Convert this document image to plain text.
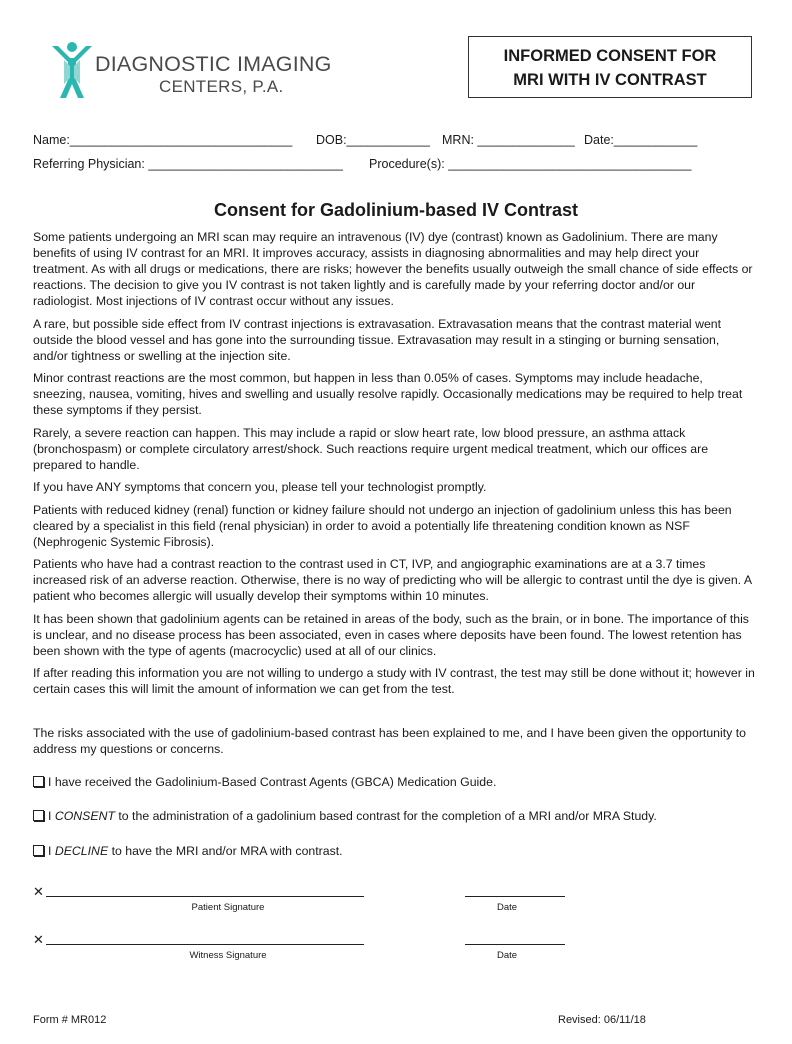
DIAGNOSTIC IMAGING
CENTERS, P.A.
INFORMED CONSENT FOR
MRI WITH IV CONTRAST
Name:________________________________ DOB:____________ MRN: ______________ Date:____________
Referring Physician: ____________________________ Procedure(s): ___________________________________
Consent for Gadolinium-based IV Contrast

Some patients undergoing an MRI scan may require an intravenous (IV) dye (contrast) known as Gadolinium. There are many benefits of using IV contrast for an MRI. It improves accuracy, assists in diagnosing abnormalities and may help direct your treatment. As with all drugs or medications, there are risks; however the benefits usually outweigh the small chance of side effects or reactions. The decision to give you IV contrast is not taken lightly and is carefully made by your referring doctor and/or our radiologist. Most injections of IV contrast occur without any issues.

A rare, but possible side effect from IV contrast injections is extravasation. Extravasation means that the contrast material went outside the blood vessel and has gone into the surrounding tissue. Extravasation may result in a stinging or burning sensation, and/or tightness or swelling at the injection site.

Minor contrast reactions are the most common, but happen in less than 0.05% of cases. Symptoms may include headache, sneezing, nausea, vomiting, hives and swelling and usually resolve rapidly. Occasionally medications may be required to help treat these symptoms if they persist.

Rarely, a severe reaction can happen. This may include a rapid or slow heart rate, low blood pressure, an asthma attack (bronchospasm) or complete circulatory arrest/shock. Such reactions require urgent medical treatment, which our offices are prepared to handle.

If you have ANY symptoms that concern you, please tell your technologist promptly.

Patients with reduced kidney (renal) function or kidney failure should not undergo an injection of gadolinium unless this has been cleared by a specialist in this field (renal physician) in order to avoid a potentially life threatening condition known as NSF (Nephrogenic Systemic Fibrosis).

Patients who have had a contrast reaction to the contrast used in CT, IVP, and angiographic examinations are at a 3.7 times increased risk of an adverse reaction. Otherwise, there is no way of predicting who will be allergic to contrast until the dye is given. A patient who becomes allergic will usually develop their symptoms within 10 minutes.

It has been shown that gadolinium agents can be retained in areas of the body, such as the brain, or in bone. The importance of this is unclear, and no disease process has been associated, even in cases where deposits have been found. The lowest retention has been shown with the type of agents (macrocyclic) used at all of our clinics.

If after reading this information you are not willing to undergo a study with IV contrast, the test may still be done without it; however in certain cases this will limit the amount of information we can get from the test.

The risks associated with the use of gadolinium-based contrast has been explained to me, and I have been given the opportunity to address my questions or concerns.
I have received the Gadolinium-Based Contrast Agents (GBCA) Medication Guide.
I CONSENT to the administration of a gadolinium based contrast for the completion of a MRI and/or MRA Study.
I DECLINE to have the MRI and/or MRA with contrast.
✕
Patient Signature	Date
✕
Witness Signature	Date
Form # MR012	Revised: 06/11/18
